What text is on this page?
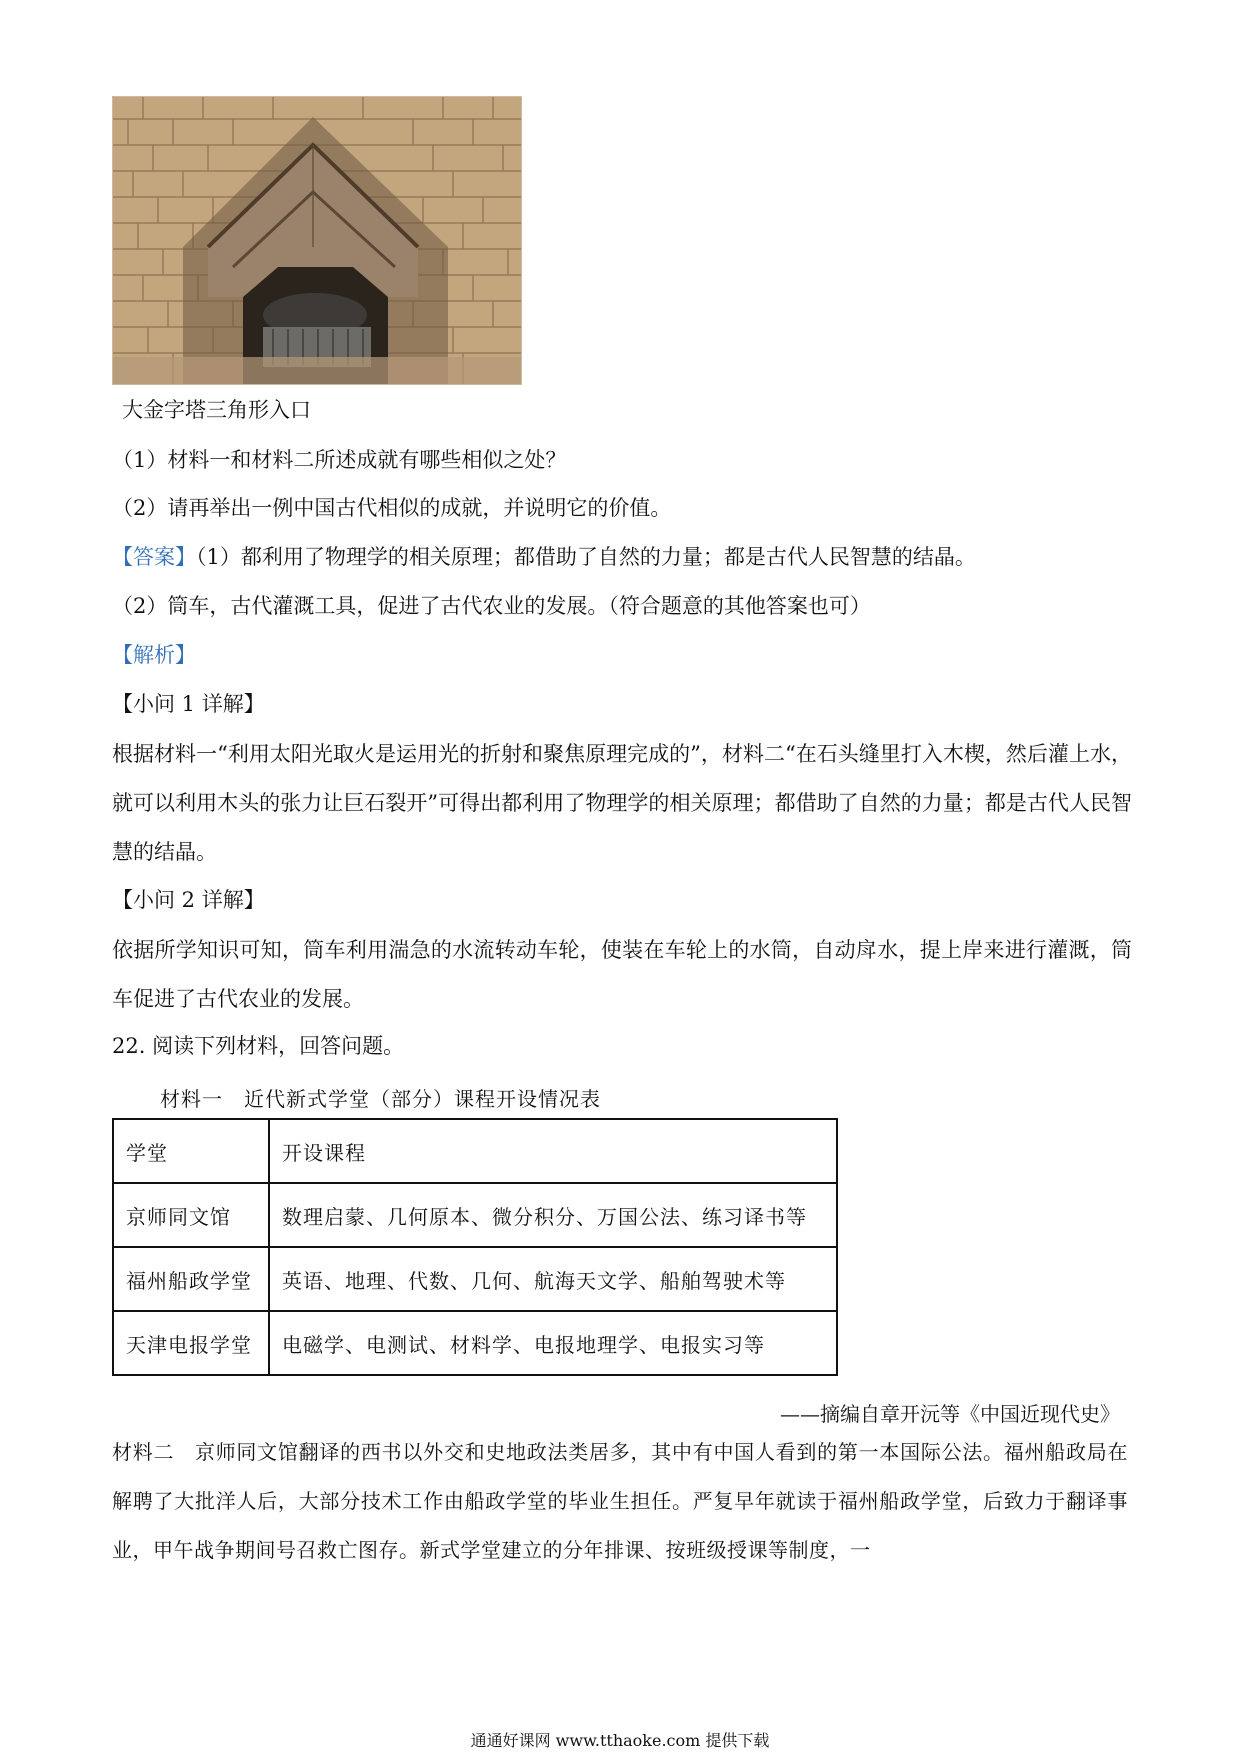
大金字塔三角形入口
（1）材料一和材料二所述成就有哪些相似之处？
（2）请再举出一例中国古代相似的成就，并说明它的价值。
【答案】（1）都利用了物理学的相关原理；都借助了自然的力量；都是古代人民智慧的结晶。
（2）筒车，古代灌溉工具，促进了古代农业的发展。（符合题意的其他答案也可）
【解析】
【小问 1 详解】
根据材料一“利用太阳光取火是运用光的折射和聚焦原理完成的”，材料二“在石头缝里打入木楔，然后灌上水，就可以利用木头的张力让巨石裂开”可得出都利用了物理学的相关原理；都借助了自然的力量；都是古代人民智慧的结晶。
【小问 2 详解】
依据所学知识可知，筒车利用湍急的水流转动车轮，使装在车轮上的水筒，自动戽水，提上岸来进行灌溉，筒车促进了古代农业的发展。
22. 阅读下列材料，回答问题。
材料一　近代新式学堂（部分）课程开设情况表
学堂	开设课程
京师同文馆	数理启蒙、几何原本、微分积分、万国公法、练习译书等
福州船政学堂	英语、地理、代数、几何、航海天文学、船舶驾驶术等
天津电报学堂	电磁学、电测试、材料学、电报地理学、电报实习等
——摘编自章开沅等《中国近现代史》
材料二　京师同文馆翻译的西书以外交和史地政法类居多，其中有中国人看到的第一本国际公法。福州船政局在解聘了大批洋人后，大部分技术工作由船政学堂的毕业生担任。严复早年就读于福州船政学堂，后致力于翻译事业，甲午战争期间号召救亡图存。新式学堂建立的分年排课、按班级授课等制度，一
通通好课网 www.tthaoke.com 提供下载
